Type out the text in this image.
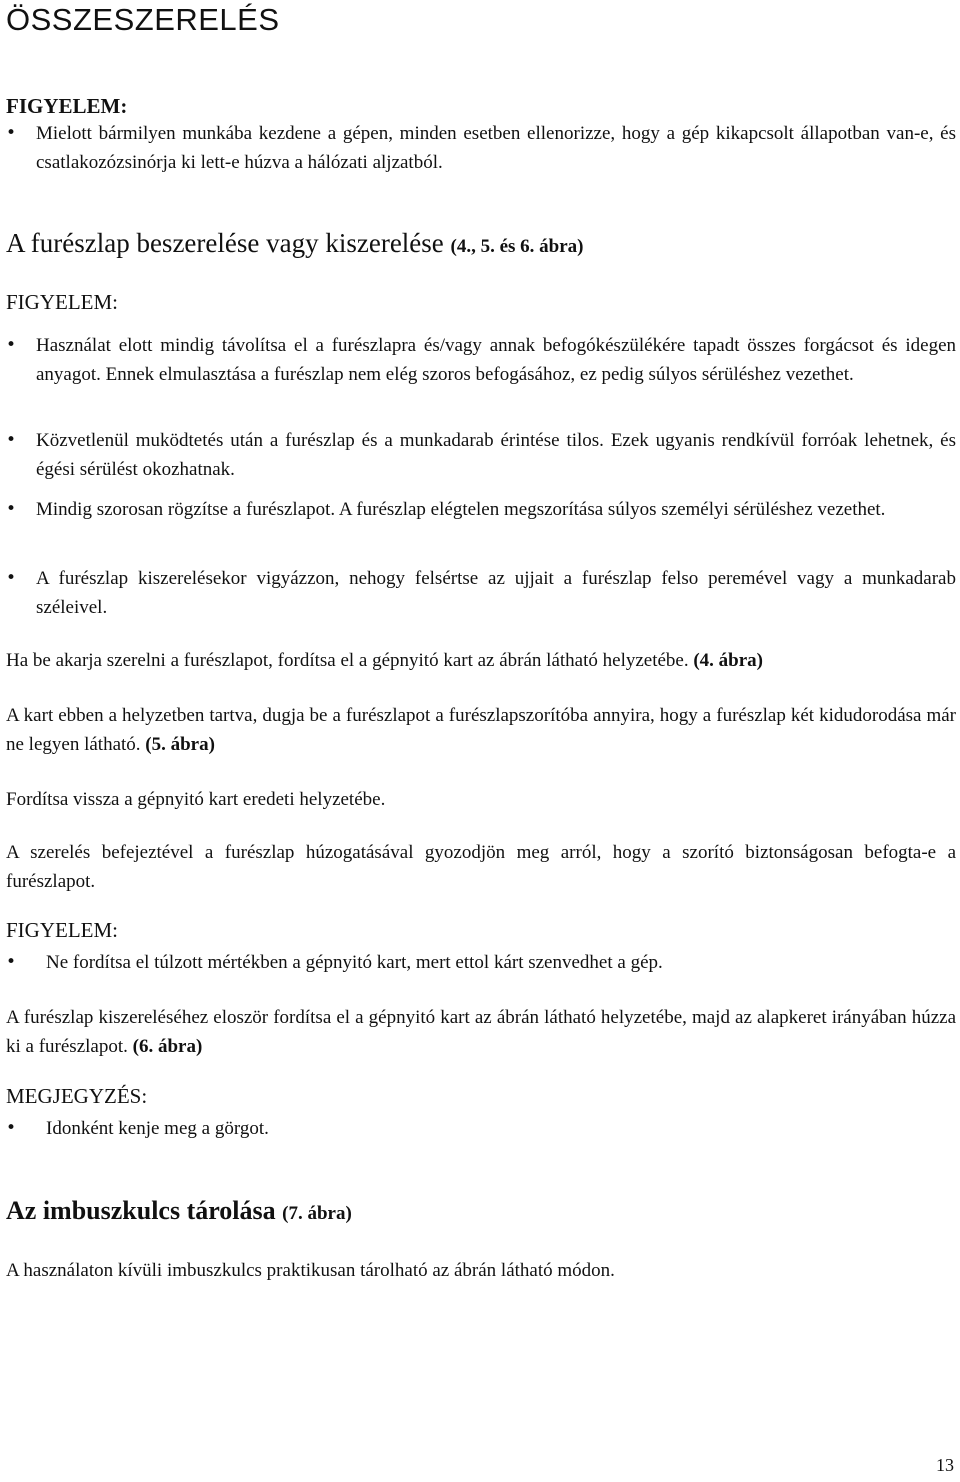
ÖSSZESZERELÉS

FIGYELEM:

•	Mielott bármilyen munkába kezdene a gépen, minden esetben ellenorizze, hogy a gép kikapcsolt állapotban van-e, és csatlakozózsinórja ki lett-e húzva a hálózati aljzatból.
A furészlap beszerelése vagy kiszerelése (4., 5. és 6. ábra)

FIGYELEM:

•	Használat elott mindig távolítsa el a furészlapra és/vagy annak befogókészülékére tapadt összes forgácsot és idegen anyagot. Ennek elmulasztása a furészlap nem elég szoros befogásához, ez pedig súlyos sérüléshez vezethet.
•	Közvetlenül muködtetés után a furészlap és a munkadarab érintése tilos. Ezek ugyanis rendkívül forróak lehetnek, és égési sérülést okozhatnak.
•	Mindig szorosan rögzítse a furészlapot. A furészlap elégtelen megszorítása súlyos személyi sérüléshez vezethet.
•	A furészlap kiszerelésekor vigyázzon, nehogy felsértse az ujjait a furészlap felso peremével vagy a munkadarab széleivel.

Ha be akarja szerelni a furészlapot, fordítsa el a gépnyitó kart az ábrán látható helyzetébe. (4. ábra)

A kart ebben a helyzetben tartva, dugja be a furészlapot a furészlapszorítóba annyira, hogy a furészlap két kidudorodása már ne legyen látható. (5. ábra)

Fordítsa vissza a gépnyitó kart eredeti helyzetébe.

A szerelés befejeztével a furészlap húzogatásával gyozodjön meg arról, hogy a szorító biztonságosan befogta-e a furészlapot.

FIGYELEM:

•	Ne fordítsa el túlzott mértékben a gépnyitó kart, mert ettol kárt szenvedhet a gép.

A furészlap kiszereléséhez eloször fordítsa el a gépnyitó kart az ábrán látható helyzetébe, majd az alapkeret irányában húzza ki a furészlapot. (6. ábra)

MEGJEGYZÉS:

•	Idonként kenje meg a görgot.
Az imbuszkulcs tárolása (7. ábra)

A használaton kívüli imbuszkulcs praktikusan tárolható az ábrán látható módon.

13
